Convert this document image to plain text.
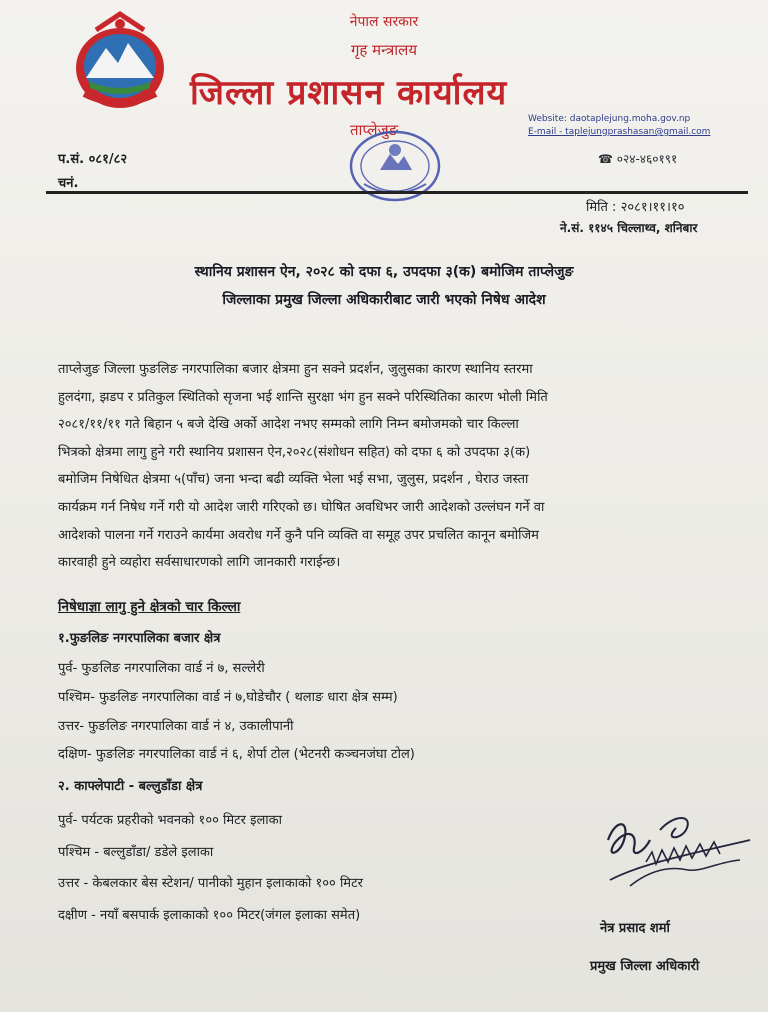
नेपाल सरकार
गृह मन्त्रालय
जिल्ला प्रशासन कार्यालय
ताप्लेजुङ
Website: daotaplejung.moha.gov.np
E-mail - taplejungprashasan@gmail.com
☎ ०२४-४६०१९१
प.सं. ०८१/८२
चनं.
मिति : २०८१।११।१०
ने.सं. ११४५ चिल्लाथ्व, शनिबार
स्थानिय प्रशासन ऐन, २०२८ को दफा ६, उपदफा ३(क) बमोजिम ताप्लेजुङ
जिल्लाका प्रमुख जिल्ला अधिकारीबाट जारी भएको निषेध आदेश
ताप्लेजुङ जिल्ला फुङलिङ नगरपालिका बजार क्षेत्रमा हुन सक्ने प्रदर्शन, जुलुसका कारण स्थानिय स्तरमा
हुलदंगा, झडप र प्रतिकुल स्थितिको सृजना भई शान्ति सुरक्षा भंग हुन सक्ने परिस्थितिका कारण भोली मिति
२०८१/११/११ गते बिहान ५ बजे देखि अर्को आदेश नभए सम्मको लागि निम्न बमोजमको चार किल्ला
भित्रको क्षेत्रमा लागु हुने गरी स्थानिय प्रशासन ऐन,२०२८(संशोधन सहित) को दफा ६ को उपदफा ३(क)
बमोजिम निषेधित क्षेत्रमा ५(पाँच) जना भन्दा बढी व्यक्ति भेला भई सभा, जुलुस, प्रदर्शन , घेराउ जस्ता
कार्यक्रम गर्न निषेध गर्ने गरी यो आदेश जारी गरिएको छ। घोषित अवधिभर जारी आदेशको उल्लंघन गर्ने वा
आदेशको पालना गर्ने गराउने कार्यमा अवरोध गर्ने कुनै पनि व्यक्ति वा समूह उपर प्रचलित कानून बमोजिम
कारवाही हुने व्यहोरा सर्वसाधारणको लागि जानकारी गराईन्छ।
निषेधाज्ञा लागु हुने क्षेत्रको चार किल्ला
१.फुङलिङ नगरपालिका बजार क्षेत्र
पुर्व- फुङलिङ नगरपालिका वार्ड नं ७, सल्लेरी
पश्चिम- फुङलिङ नगरपालिका वार्ड नं ७,घोडेचौर ( थलाङ धारा क्षेत्र सम्म)
उत्तर- फुङलिङ नगरपालिका वार्ड नं ४, उकालीपानी
दक्षिण- फुङलिङ नगरपालिका वार्ड नं ६, शेर्पा टोल (भेटनरी कञ्चनजंघा टोल)
२. काफ्लेपाटी - बल्लुडाँडा क्षेत्र
पुर्व- पर्यटक प्रहरीको भवनको १०० मिटर इलाका
पश्चिम - बल्लुडाँडा/ डडेले इलाका
उत्तर - केबलकार बेस स्टेशन/ पानीको मुहान इलाकाको १०० मिटर
दक्षीण - नयाँ बसपार्क इलाकाको १०० मिटर(जंगल इलाका समेत)
नेत्र प्रसाद शर्मा
प्रमुख जिल्ला अधिकारी
